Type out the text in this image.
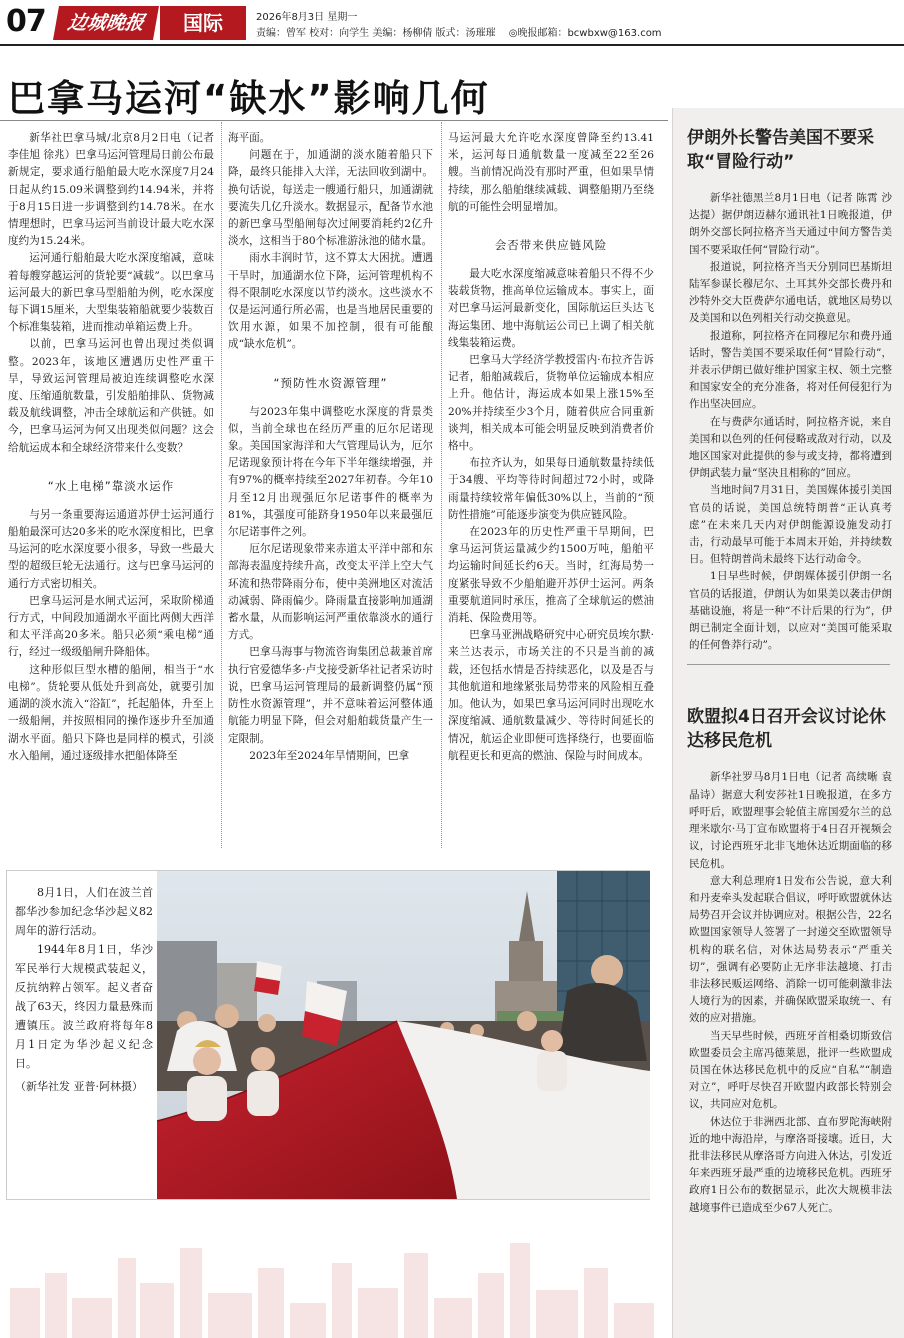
07	边城晚报	国际	2026年8月3日 星期一
责编：曾军 校对：向学生 美编：杨柳倩 版式：汤璀璀 ◎晚报邮箱：bcwbxw@163.com
巴拿马运河“缺水”影响几何

新华社巴拿马城/北京8月2日电（记者 李佳旭 徐兆）巴拿马运河管理局日前公布最新规定，要求通行船舶最大吃水深度7月24日起从约15.09米调整到约14.94米，并将于8月15日进一步调整到约14.78米。在水情理想时，巴拿马运河当前设计最大吃水深度约为15.24米。

运河通行船舶最大吃水深度缩减，意味着每艘穿越运河的货轮要“减载”。以巴拿马运河最大的新巴拿马型船舶为例，吃水深度每下调15厘米，大型集装箱船就要少装数百个标准集装箱，进而推动单箱运费上升。

以前，巴拿马运河也曾出现过类似调整。2023年，该地区遭遇历史性严重干旱，导致运河管理局被迫连续调整吃水深度、压缩通航数量，引发船舶排队、货物减载及航线调整，冲击全球航运和产供链。如今，巴拿马运河为何又出现类似问题？这会给航运成本和全球经济带来什么变数？

“水上电梯”靠淡水运作

与另一条重要海运通道苏伊士运河通行船舶最深可达20多米的吃水深度相比，巴拿马运河的吃水深度要小很多，导致一些最大型的超级巨轮无法通行。这与巴拿马运河的通行方式密切相关。

巴拿马运河是水闸式运河，采取阶梯通行方式，中间段加通湖水平面比两侧大西洋和太平洋高20多米。船只必须“乘电梯”通行，经过一级级船闸升降船体。

这种形似巨型水槽的船闸，相当于“水电梯”。货轮要从低处升到高处，就要引加通湖的淡水流入“浴缸”，托起船体，升至上一级船闸，并按照相同的操作逐步升至加通湖水平面。船只下降也是同样的模式，引淡水入船闸，通过逐级排水把船体降至

海平面。

问题在于，加通湖的淡水随着船只下降，最终只能排入大洋，无法回收到湖中。换句话说，每送走一艘通行船只，加通湖就要流失几亿升淡水。数据显示，配备节水池的新巴拿马型船闸每次过闸要消耗约2亿升淡水，这相当于80个标准游泳池的储水量。

雨水丰润时节，这不算太大困扰。遭遇干旱时，加通湖水位下降，运河管理机构不得不限制吃水深度以节约淡水。这些淡水不仅是运河通行所必需，也是当地居民重要的饮用水源，如果不加控制，很有可能酿成“缺水危机”。

“预防性水资源管理”

与2023年集中调整吃水深度的背景类似，当前全球也在经历严重的厄尔尼诺现象。美国国家海洋和大气管理局认为，厄尔尼诺现象预计将在今年下半年继续增强，并有97%的概率持续至2027年初春。今年10月至12月出现强厄尔尼诺事件的概率为81%，其强度可能跻身1950年以来最强厄尔尼诺事件之列。

厄尔尼诺现象带来赤道太平洋中部和东部海表温度持续升高，改变太平洋上空大气环流和热带降雨分布，使中美洲地区对流活动减弱、降雨偏少。降雨量直接影响加通湖蓄水量，从而影响运河严重依靠淡水的通行方式。

巴拿马海事与物流咨询集团总裁兼首席执行官爱德华多·卢戈接受新华社记者采访时说，巴拿马运河管理局的最新调整仍属“预防性水资源管理”，并不意味着运河整体通航能力明显下降，但会对船舶载货量产生一定限制。

2023年至2024年旱情期间，巴拿

马运河最大允许吃水深度曾降至约13.41米，运河每日通航数量一度减至22至26艘。当前情况尚没有那时严重，但如果旱情持续，那么船舶继续减载、调整船期乃至绕航的可能性会明显增加。

会否带来供应链风险

最大吃水深度缩减意味着船只不得不少装载货物，推高单位运输成本。事实上，面对巴拿马运河最新变化，国际航运巨头达飞海运集团、地中海航运公司已上调了相关航线集装箱运费。

巴拿马大学经济学教授雷内·布拉齐告诉记者，船舶减载后，货物单位运输成本相应上升。他估计，海运成本如果上涨15%至20%并持续至少3个月，随着供应合同重新谈判，相关成本可能会明显反映到消费者价格中。

布拉齐认为，如果每日通航数量持续低于34艘、平均等待时间超过72小时，或降雨量持续较常年偏低30%以上，当前的“预防性措施”可能逐步演变为供应链风险。

在2023年的历史性严重干旱期间，巴拿马运河货运量减少约1500万吨，船舶平均运输时间延长约6天。当时，红海局势一度紧张导致不少船舶避开苏伊士运河。两条重要航道同时承压，推高了全球航运的燃油消耗、保险费用等。

巴拿马亚洲战略研究中心研究员埃尔默·来兰达表示，市场关注的不只是当前的减载，还包括水情是否持续恶化，以及是否与其他航道和地缘紧张局势带来的风险相互叠加。他认为，如果巴拿马运河同时出现吃水深度缩减、通航数量减少、等待时间延长的情况，航运企业即便可选择绕行，也要面临航程更长和更高的燃油、保险与时间成本。

8月1日，人们在波兰首都华沙参加纪念华沙起义82周年的游行活动。

1944年8月1日，华沙军民举行大规模武装起义，反抗纳粹占领军。起义者奋战了63天，终因力量悬殊而遭镇压。波兰政府将每年8月1日定为华沙起义纪念日。

（新华社发 亚普·阿林摄）

伊朗外长警告美国不要采取“冒险行动”

新华社德黑兰8月1日电（记者 陈霄 沙达提）据伊朗迈赫尔通讯社1日晚报道，伊朗外交部长阿拉格齐当天通过中间方警告美国不要采取任何“冒险行动”。

报道说，阿拉格齐当天分别同巴基斯坦陆军参谋长穆尼尔、土耳其外交部长费丹和沙特外交大臣费萨尔通电话，就地区局势以及美国和以色列相关行动交换意见。

报道称，阿拉格齐在同穆尼尔和费丹通话时，警告美国不要采取任何“冒险行动”，并表示伊朗已做好维护国家主权、领土完整和国家安全的充分准备，将对任何侵犯行为作出坚决回应。

在与费萨尔通话时，阿拉格齐说，来自美国和以色列的任何侵略或敌对行动，以及地区国家对此提供的参与或支持，都将遭到伊朗武装力量“坚决且相称的”回应。

当地时间7月31日，美国媒体援引美国官员的话说，美国总统特朗普“正认真考虑”在未来几天内对伊朗能源设施发动打击，行动最早可能于本周末开始，并持续数日。但特朗普尚未最终下达行动命令。

1日早些时候，伊朗媒体援引伊朗一名官员的话报道，伊朗认为如果美以袭击伊朗基础设施，将是一种“不计后果的行为”，伊朗已制定全面计划，以应对“美国可能采取的任何鲁莽行动”。

欧盟拟4日召开会议讨论休达移民危机

新华社罗马8月1日电（记者 高续晰 袁晶诗）据意大利安莎社1日晚报道，在多方呼吁后，欧盟理事会轮值主席国爱尔兰的总理米歇尔·马丁宣布欧盟将于4日召开视频会议，讨论西班牙北非飞地休达近期面临的移民危机。

意大利总理府1日发布公告说，意大利和丹麦牵头发起联合倡议，呼吁欧盟就休达局势召开会议并协调应对。根据公告，22名欧盟国家领导人签署了一封递交至欧盟领导机构的联名信，对休达局势表示“严重关切”，强调有必要防止无序非法越境、打击非法移民贩运网络、消除一切可能刺激非法人境行为的因素，并确保欧盟采取统一、有效的应对措施。

当天早些时候，西班牙首相桑切斯致信欧盟委员会主席冯德莱恩，批评一些欧盟成员国在休达移民危机中的反应“自私”“制造对立”，呼吁尽快召开欧盟内政部长特别会议，共同应对危机。

休达位于非洲西北部、直布罗陀海峡附近的地中海沿岸，与摩洛哥接壤。近日，大批非法移民从摩洛哥方向进入休达，引发近年来西班牙最严重的边境移民危机。西班牙政府1日公布的数据显示，此次大规模非法越境事件已造成至少67人死亡。
